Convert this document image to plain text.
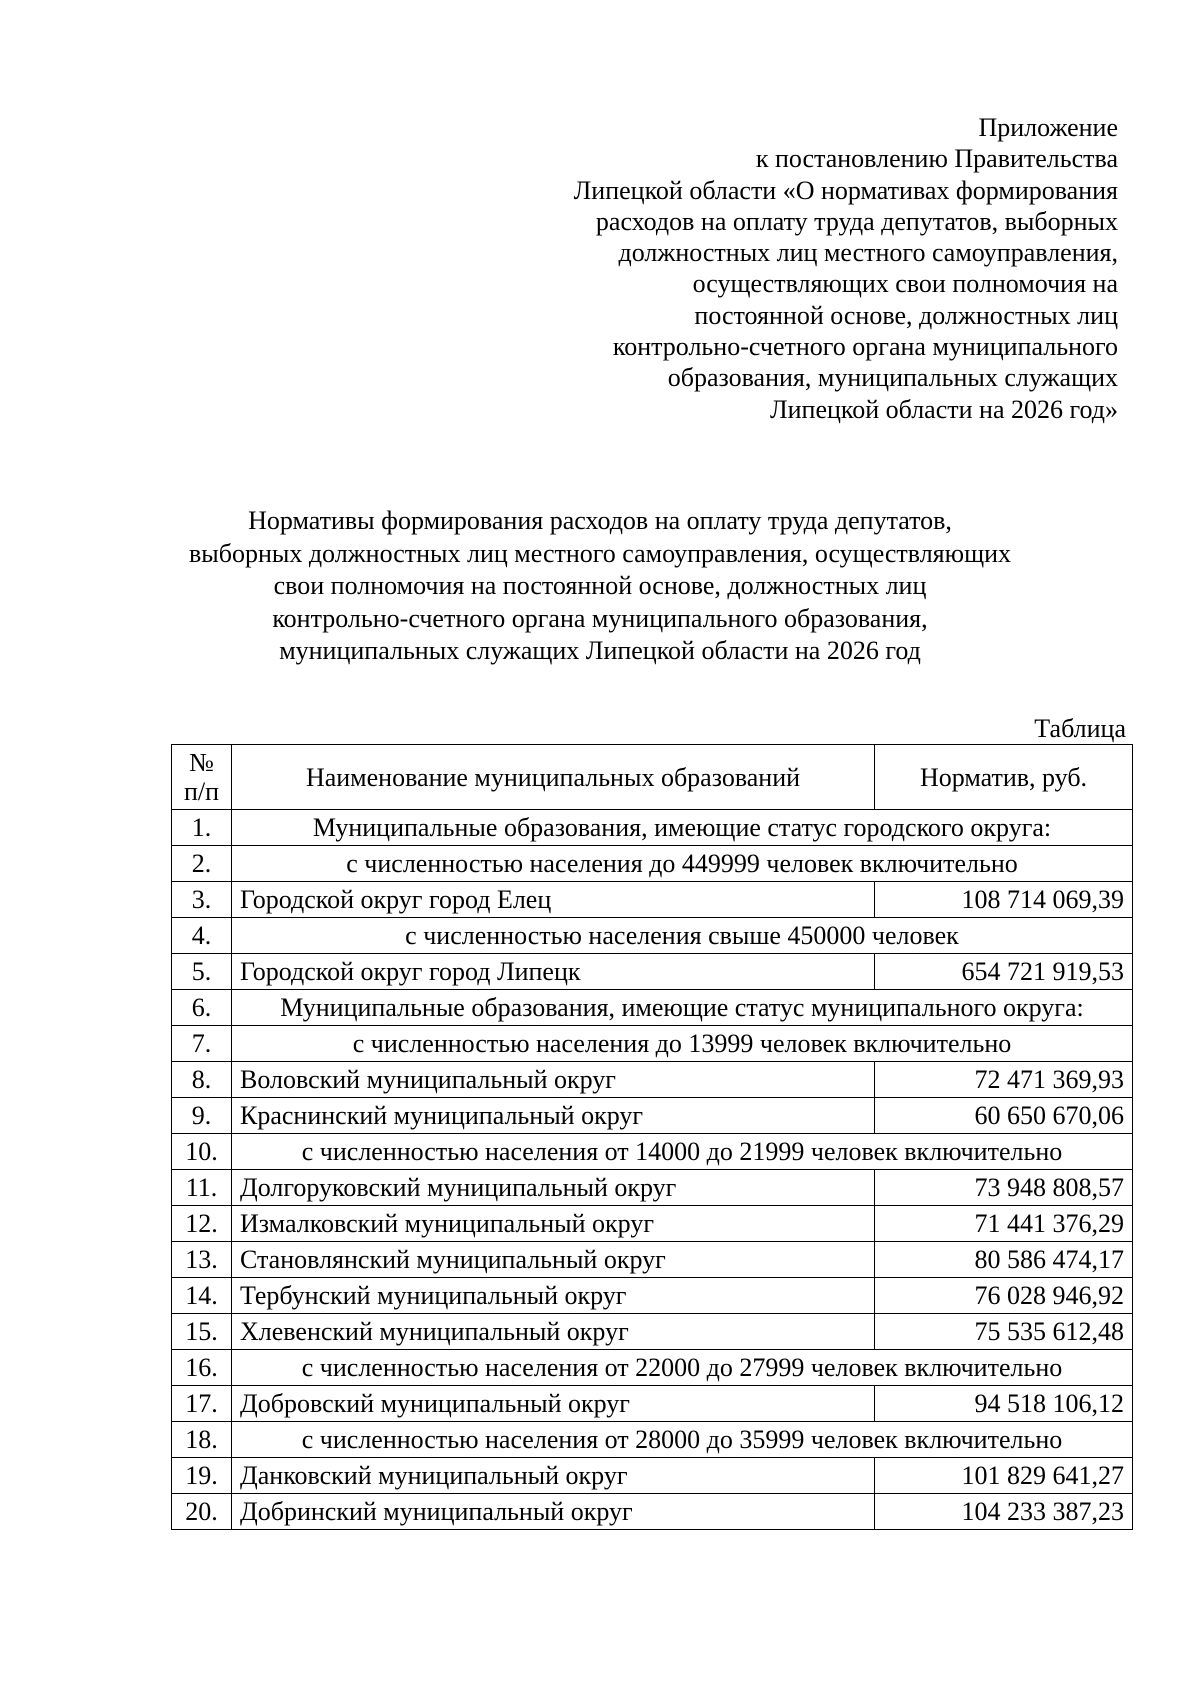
Приложение
к постановлению Правительства
Липецкой области «О нормативах формирования
расходов на оплату труда депутатов, выборных
должностных лиц местного самоуправления,
осуществляющих свои полномочия на
постоянной основе, должностных лиц
контрольно-счетного органа муниципального
образования, муниципальных служащих
Липецкой области на 2026 год»
Нормативы формирования расходов на оплату труда депутатов,
выборных должностных лиц местного самоуправления, осуществляющих
свои полномочия на постоянной основе, должностных лиц
контрольно-счетного органа муниципального образования,
муниципальных служащих Липецкой области на 2026 год
Таблица
№
п/п	Наименование муниципальных образований	Норматив, руб.
1.	Муниципальные образования, имеющие статус городского округа:	
2.	с численностью населения до 449999 человек включительно	
3.	Городской округ город Елец	108 714 069,39
4.	с численностью населения свыше 450000 человек	
5.	Городской округ город Липецк	654 721 919,53
6.	Муниципальные образования, имеющие статус муниципального округа:	
7.	с численностью населения до 13999 человек включительно	
8.	Воловский муниципальный округ	72 471 369,93
9.	Краснинский муниципальный округ	60 650 670,06
10.	с численностью населения от 14000 до 21999 человек включительно	
11.	Долгоруковский муниципальный округ	73 948 808,57
12.	Измалковский муниципальный округ	71 441 376,29
13.	Становлянский муниципальный округ	80 586 474,17
14.	Тербунский муниципальный округ	76 028 946,92
15.	Хлевенский муниципальный округ	75 535 612,48
16.	с численностью населения от 22000 до 27999 человек включительно	
17.	Добровский муниципальный округ	94 518 106,12
18.	с численностью населения от 28000 до 35999 человек включительно	
19.	Данковский муниципальный округ	101 829 641,27
20.	Добринский муниципальный округ	104 233 387,23
